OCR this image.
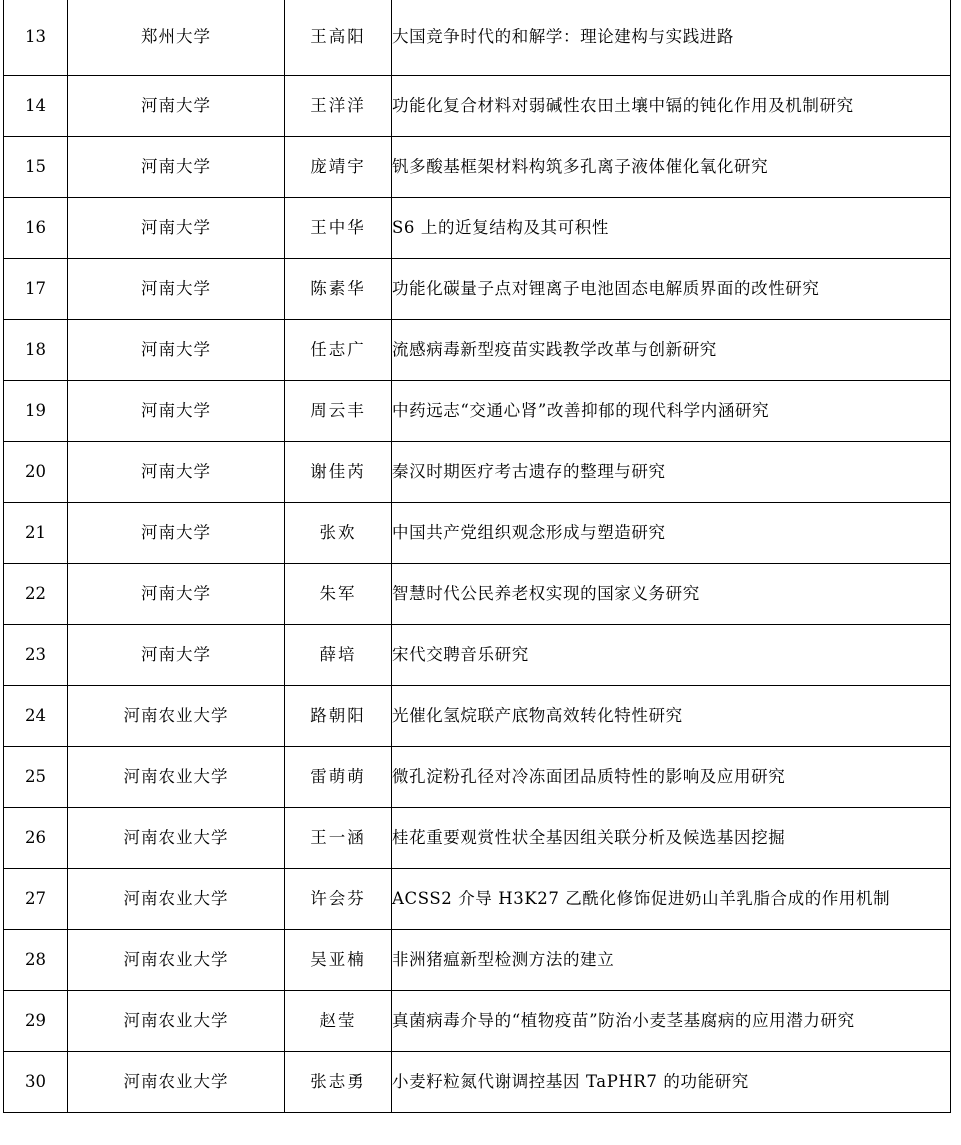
13	郑州大学	王高阳	大国竞争时代的和解学：理论建构与实践进路
14	河南大学	王洋洋	功能化复合材料对弱碱性农田土壤中镉的钝化作用及机制研究
15	河南大学	庞靖宇	钒多酸基框架材料构筑多孔离子液体催化氧化研究
16	河南大学	王中华	S6 上的近复结构及其可积性
17	河南大学	陈素华	功能化碳量子点对锂离子电池固态电解质界面的改性研究
18	河南大学	任志广	流感病毒新型疫苗实践教学改革与创新研究
19	河南大学	周云丰	中药远志“交通心肾”改善抑郁的现代科学内涵研究
20	河南大学	谢佳芮	秦汉时期医疗考古遗存的整理与研究
21	河南大学	张欢	中国共产党组织观念形成与塑造研究
22	河南大学	朱军	智慧时代公民养老权实现的国家义务研究
23	河南大学	薛培	宋代交聘音乐研究
24	河南农业大学	路朝阳	光催化氢烷联产底物高效转化特性研究
25	河南农业大学	雷萌萌	微孔淀粉孔径对冷冻面团品质特性的影响及应用研究
26	河南农业大学	王一涵	桂花重要观赏性状全基因组关联分析及候选基因挖掘
27	河南农业大学	许会芬	ACSS2 介导 H3K27 乙酰化修饰促进奶山羊乳脂合成的作用机制
28	河南农业大学	吴亚楠	非洲猪瘟新型检测方法的建立
29	河南农业大学	赵莹	真菌病毒介导的“植物疫苗”防治小麦茎基腐病的应用潜力研究
30	河南农业大学	张志勇	小麦籽粒氮代谢调控基因 TaPHR7 的功能研究
